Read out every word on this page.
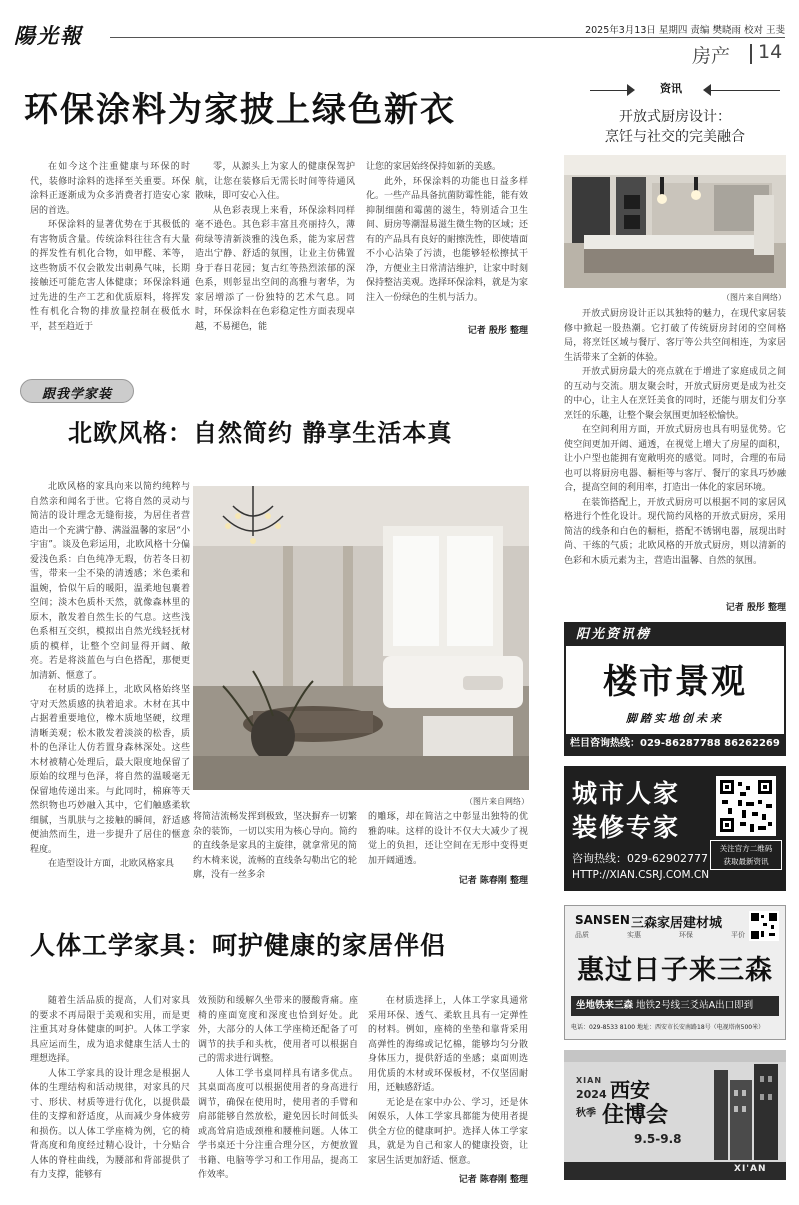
陽光報	2025年3月13日 星期四 责编 樊晓雨 校对 王斐
房产 14
环保涂料为家披上绿色新衣

在如今这个注重健康与环保的时代，装修时涂料的选择至关重要。环保涂料正逐渐成为众多消费者打造安心家居的首选。

环保涂料的显著优势在于其极低的有害物质含量。传统涂料往往含有大量的挥发性有机化合物，如甲醛、苯等，这些物质不仅会散发出刺鼻气味，长期接触还可能危害人体健康；环保涂料通过先进的生产工艺和优质原料，将挥发性有机化合物的排放量控制在极低水平，甚至趋近于

零，从源头上为家人的健康保驾护航，让您在装修后无需长时间等待通风散味，即可安心入住。

从色彩表现上来看，环保涂料同样毫不逊色。其色彩丰富且亮丽持久，薄荷绿等清新淡雅的浅色系，能为家居营造出宁静、舒适的氛围，让业主仿佛置身于春日花园；复古红等热烈浓郁的深色系，则彰显出空间的高雅与奢华，为家居增添了一份独特的艺术气息。同时，环保涂料在色彩稳定性方面表现卓越，不易褪色，能

让您的家居始终保持如新的美感。

此外，环保涂料的功能也日益多样化。一些产品具备抗菌防霉性能，能有效抑制细菌和霉菌的滋生，特别适合卫生间、厨房等潮湿易滋生微生物的区域；还有的产品具有良好的耐擦洗性，即使墙面不小心沾染了污渍，也能够轻松擦拭干净，方便业主日常清洁维护，让家中时刻保持整洁美观。选择环保涂料，就是为家注入一份绿色的生机与活力。

记者 殷彤 整理
资讯
开放式厨房设计：
烹饪与社交的完美融合
（图片来自网络）

开放式厨房设计正以其独特的魅力，在现代家居装修中掀起一股热潮。它打破了传统厨房封闭的空间格局，将烹饪区域与餐厅、客厅等公共空间相连，为家居生活带来了全新的体验。

开放式厨房最大的亮点就在于增进了家庭成员之间的互动与交流。朋友聚会时，开放式厨房更是成为社交的中心，让主人在烹饪美食的同时，还能与朋友们分享烹饪的乐趣，让整个聚会氛围更加轻松愉快。

在空间利用方面，开放式厨房也具有明显优势。它使空间更加开阔、通透，在视觉上增大了房屋的面积，让小户型也能拥有宽敞明亮的感觉。同时，合理的布局也可以将厨房电器、橱柜等与客厅、餐厅的家具巧妙融合，提高空间的利用率，打造出一体化的家居环境。

在装饰搭配上，开放式厨房可以根据不同的家居风格进行个性化设计。现代简约风格的开放式厨房，采用简洁的线条和白色的橱柜，搭配不锈钢电器，展现出时尚、干练的气质；北欧风格的开放式厨房，则以清新的色彩和木质元素为主，营造出温馨、自然的氛围。

记者 殷彤 整理
跟我学家装
北欧风格：自然简约 静享生活本真

北欧风格的家具向来以简约纯粹与自然亲和闻名于世。它将自然的灵动与简洁的设计理念无缝衔接，为居住者营造出一个充满宁静、满溢温馨的家居“小宇宙”。谈及色彩运用，北欧风格十分偏爱浅色系：白色纯净无瑕，仿若冬日初雪，带来一尘不染的清透感；米色柔和温婉，恰似午后的暖阳，温柔地包裹着空间；淡木色质朴天然，就像森林里的原木，散发着自然生长的气息。这些浅色系相互交织，模拟出自然光线轻抚材质的模样，让整个空间显得开阔、敞亮。若是将淡蓝色与白色搭配，那便更加清新、惬意了。

在材质的选择上，北欧风格始终坚守对天然质感的执着追求。木材在其中占据着重要地位，橡木质地坚硬，纹理清晰美观；松木散发着淡淡的松香，质朴的色泽让人仿若置身森林深处。这些木材被精心处理后，最大限度地保留了原始的纹理与色泽，将自然的温暖毫无保留地传递出来。与此同时，棉麻等天然织物也巧妙融入其中，它们触感柔软细腻，当肌肤与之接触的瞬间，舒适感便油然而生，进一步提升了居住的惬意程度。

在造型设计方面，北欧风格家具

（图片来自网络）

将简洁流畅发挥到极致，坚决摒弃一切繁杂的装饰，一切以实用为核心导向。简约的直线条是家具的主旋律，就拿常见的简约木椅来说，流畅的直线条勾勒出它的轮廓，没有一丝多余

的雕琢，却在简洁之中彰显出独特的优雅韵味。这样的设计不仅大大减少了视觉上的负担，还让空间在无形中变得更加开阔通透。

记者 陈春刚 整理
人体工学家具：呵护健康的家居伴侣

随着生活品质的提高，人们对家具的要求不再局限于美观和实用，而是更注重其对身体健康的呵护。人体工学家具应运而生，成为追求健康生活人士的理想选择。

人体工学家具的设计理念是根据人体的生理结构和活动规律，对家具的尺寸、形状、材质等进行优化，以提供最佳的支撑和舒适度，从而减少身体疲劳和损伤。以人体工学座椅为例，它的椅背高度和角度经过精心设计，十分贴合人体的脊柱曲线，为腰部和背部提供了有力支撑，能够有

效预防和缓解久坐带来的腰酸背痛。座椅的座面宽度和深度也恰到好处。此外，大部分的人体工学座椅还配备了可调节的扶手和头枕，使用者可以根据自己的需求进行调整。

人体工学书桌同样具有诸多优点。其桌面高度可以根据使用者的身高进行调节，确保在使用时，使用者的手臂和肩部能够自然放松，避免因长时间低头或高耸肩造成颈椎和腰椎问题。人体工学书桌还十分注重合理分区，方便放置书籍、电脑等学习和工作用品，提高工作效率。

在材质选择上，人体工学家具通常采用环保、透气、柔软且具有一定弹性的材料。例如，座椅的坐垫和靠背采用高弹性的海绵或记忆棉，能够均匀分散身体压力，提供舒适的坐感；桌面则选用优质的木材或环保板材，不仅坚固耐用，还触感舒适。

无论是在家中办公、学习，还是休闲娱乐，人体工学家具都能为使用者提供全方位的健康呵护。选择人体工学家具，就是为自己和家人的健康投资，让家居生活更加舒适、惬意。

记者 陈春刚 整理
阳光资讯榜
楼市景观
脚踏实地创未来
栏目咨询热线：029-86287788 86262269
城市人家
装修专家
咨询热线：029-62902777
HTTP://XIAN.CSRJ.COM.CN
关注官方二维码
获取最新资讯
SANSEN 三森家居建材城
品质	实惠	环保	平价
惠过日子来三森
坐地铁来三森 地铁2号线三爻站A出口即到
电话：029-8533 8100 地址：西安市长安南路18号（电视塔南500米）
XIAN
2024
秋季
西安
住博会
9.5-9.8
XI'AN
